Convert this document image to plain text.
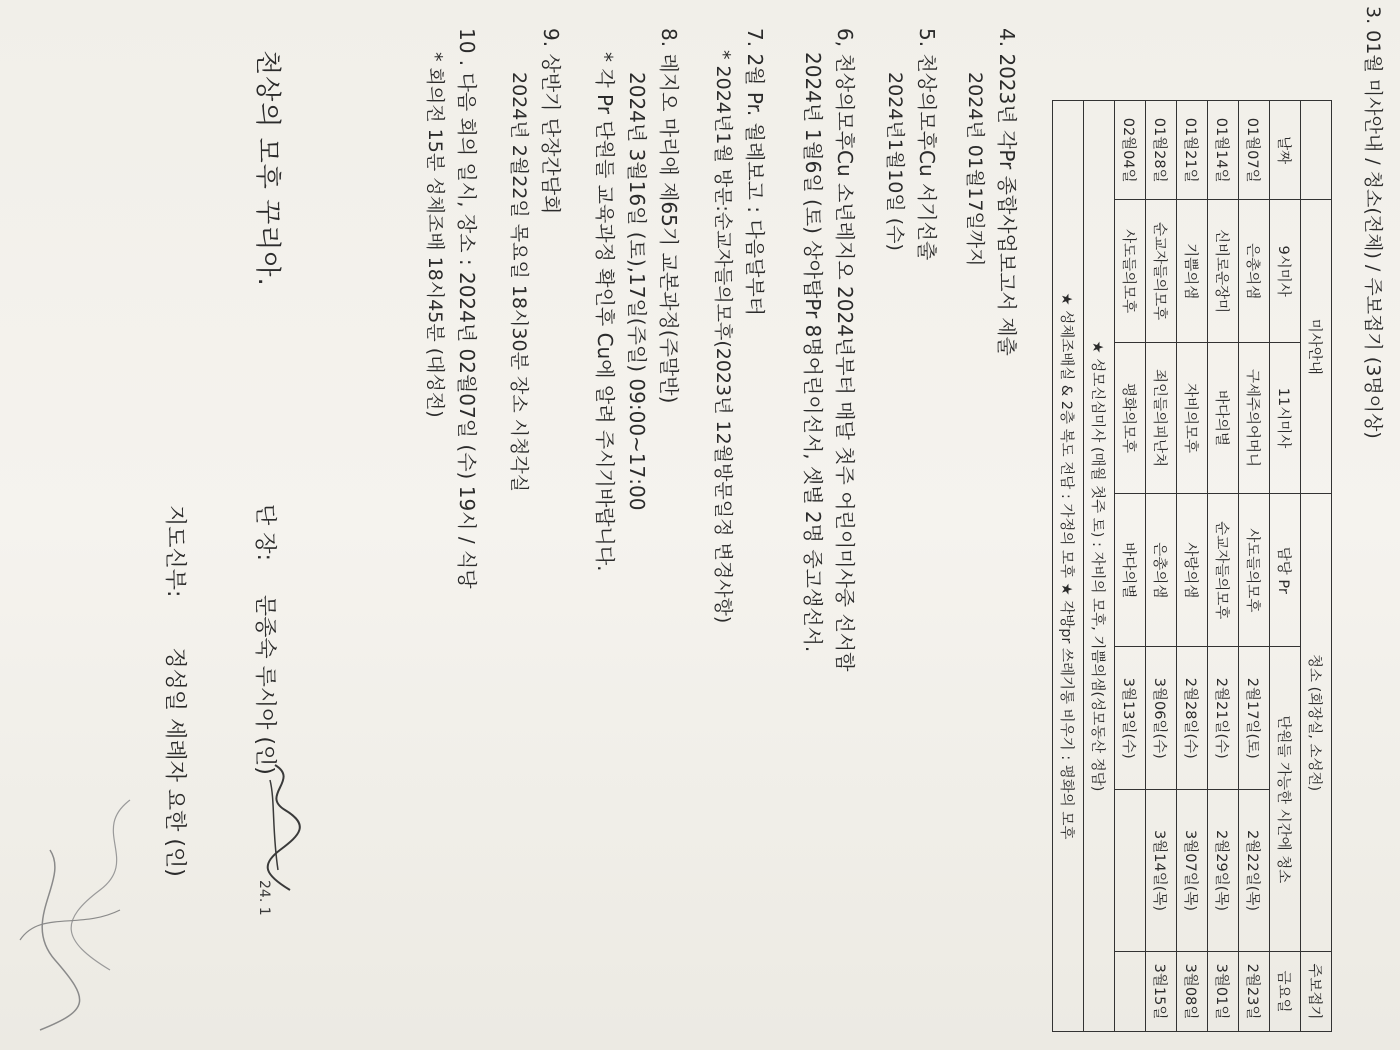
3. 01월 미사안내 / 청소(전체) / 주보접기 (3명이상)
	미사안내		청소 (회장실, 소성전)			주보접기
날짜	9시미사	11시미사	담당 Pr	단원들 가능한 시간에 청소		금요일
01월07일	은총의샘	구세주의어머니	사도들의모후	2월17일(토)	2월22일(목)	2월23일
01월14일	신비로운장미	바다의별	순교자들의모후	2월21일(수)	2월29일(목)	3월01일
01월21일	기쁨의샘	자비의모후	사랑의샘	2월28일(수)	3월07일(목)	3월08일
01월28일	순교자들의모후	죄인들의피난처	은총의샘	3월06일(수)	3월14일(목)	3월15일
02월04일	사도들의모후	평화의모후	바다의별	3월13일(수)		
★ 성모신심미사 (매월 첫주 토) : 자비의 모후, 기쁨의샘(성모동산 정담)						
★ 성체조배실 & 2층 복도 전담 : 가정의 모후 ★ 각방pr 쓰레기통 비우기 : 평화의 모후						
4. 2023년 각Pr 종합사업보고서 제출
2024년 01월17일까지
5. 천상의모후Cu 서기선출
2024년1월10일 (수)
6, 천상의모후Cu 소년레지오 2024년부터 매달 첫주 어린이미사중 선서함
2024년 1월6일 (토) 상아탑Pr 8명어린이선서, 셋별 2명 중고생선서.
7. 2월 Pr. 월례보고 : 다음달부터
* 2024년1월 방문:순교자들의모후(2023년 12월방문일정 변경사항)
8. 레지오 마리애 제65기 교본과정(주말반)
2024년 3월16일 (토),17일(주일) 09:00~17:00
* 각 Pr 단원들 교육과정 확인후 Cu에 알려 주시기바랍니다.
9. 상반기 단장간담회
2024년 2월22일 목요일 18시30분 장소 시청각실
10 . 다음 회의 일시, 장소 : 2024년 02월07일 (수) 19시 / 식당
* 회의전 15분 성체조배 18시45분 (대성전)
천상의 모후 꾸리아.
단 장:  문종숙 루시아 (인)
지도신부:  정성일 세례자 요한 (인)
24. 1
